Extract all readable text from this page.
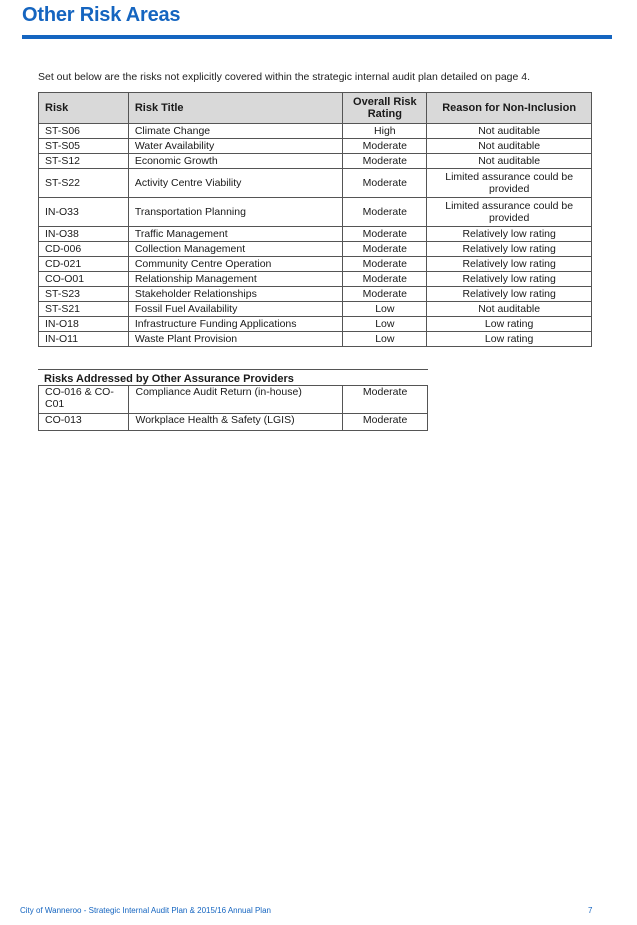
Other Risk Areas
Set out below are the risks not explicitly covered within the strategic internal audit plan detailed on page 4.
Risk	Risk Title	Overall Risk Rating	Reason for Non-Inclusion
ST-S06	Climate Change	High	Not auditable
ST-S05	Water Availability	Moderate	Not auditable
ST-S12	Economic Growth	Moderate	Not auditable
ST-S22	Activity Centre Viability	Moderate	Limited assurance could be provided
IN-O33	Transportation Planning	Moderate	Limited assurance could be provided
IN-O38	Traffic Management	Moderate	Relatively low rating
CD-006	Collection Management	Moderate	Relatively low rating
CD-021	Community Centre Operation	Moderate	Relatively low rating
CO-O01	Relationship Management	Moderate	Relatively low rating
ST-S23	Stakeholder Relationships	Moderate	Relatively low rating
ST-S21	Fossil Fuel Availability	Low	Not auditable
IN-O18	Infrastructure Funding Applications	Low	Low rating
IN-O11	Waste Plant Provision	Low	Low rating
Risks Addressed by Other Assurance Providers
CO-016 & CO-C01	Compliance Audit Return (in-house)	Moderate
CO-013	Workplace Health & Safety (LGIS)	Moderate
City of Wanneroo - Strategic Internal Audit Plan & 2015/16 Annual Plan	7
